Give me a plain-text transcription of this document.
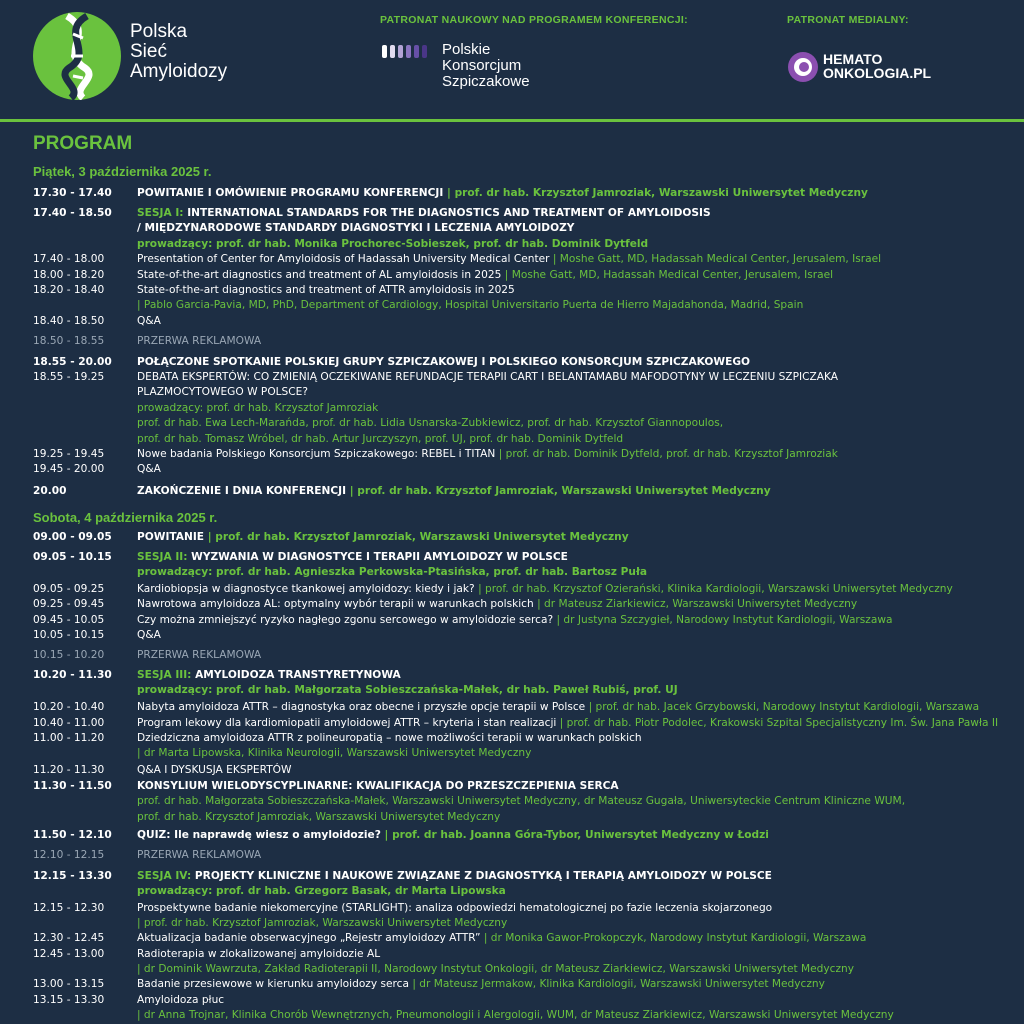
Polska
Sieć
Amyloidozy
PATRONAT NAUKOWY NAD PROGRAMEM KONFERENCJI:
Polskie
Konsorcjum
Szpiczakowe
PATRONAT MEDIALNY:
HEMATO
ONKOLOGIA.PL
PROGRAM
Piątek, 3 października 2025 r.
Sobota, 4 października 2025 r.
17.30 - 17.40	POWITANIE I OMÓWIENIE PROGRAMU KONFERENCJI | prof. dr hab. Krzysztof Jamroziak, Warszawski Uniwersytet Medyczny
17.40 - 18.50	SESJA I: INTERNATIONAL STANDARDS FOR THE DIAGNOSTICS AND TREATMENT OF AMYLOIDOSIS
/ MIĘDZYNARODOWE STANDARDY DIAGNOSTYKI I LECZENIA AMYLOIDOZY
prowadzący: prof. dr hab. Monika Prochorec-Sobieszek, prof. dr hab. Dominik Dytfeld
17.40 - 18.00	Presentation of Center for Amyloidosis of Hadassah University Medical Center | Moshe Gatt, MD, Hadassah Medical Center, Jerusalem, Israel
18.00 - 18.20	State-of-the-art diagnostics and treatment of AL amyloidosis in 2025 | Moshe Gatt, MD, Hadassah Medical Center, Jerusalem, Israel
18.20 - 18.40	State-of-the-art diagnostics and treatment of ATTR amyloidosis in 2025
| Pablo Garcia-Pavia, MD, PhD, Department of Cardiology, Hospital Universitario Puerta de Hierro Majadahonda, Madrid, Spain
18.40 - 18.50	Q&A
18.50 - 18.55	PRZERWA REKLAMOWA
18.55 - 20.00	POŁĄCZONE SPOTKANIE POLSKIEJ GRUPY SZPICZAKOWEJ I POLSKIEGO KONSORCJUM SZPICZAKOWEGO
18.55 - 19.25	DEBATA EKSPERTÓW: CO ZMIENIĄ OCZEKIWANE REFUNDACJE TERAPII CART I BELANTAMABU MAFODOTYNY W LECZENIU SZPICZAKA
PLAZMOCYTOWEGO W POLSCE?
prowadzący: prof. dr hab. Krzysztof Jamroziak
prof. dr hab. Ewa Lech-Marańda, prof. dr hab. Lidia Usnarska-Zubkiewicz, prof. dr hab. Krzysztof Giannopoulos,
prof. dr hab. Tomasz Wróbel, dr hab. Artur Jurczyszyn, prof. UJ, prof. dr hab. Dominik Dytfeld
19.25 - 19.45	Nowe badania Polskiego Konsorcjum Szpiczakowego: REBEL i TITAN | prof. dr hab. Dominik Dytfeld, prof. dr hab. Krzysztof Jamroziak
19.45 - 20.00	Q&A
20.00	ZAKOŃCZENIE I DNIA KONFERENCJI | prof. dr hab. Krzysztof Jamroziak, Warszawski Uniwersytet Medyczny
09.00 - 09.05	POWITANIE | prof. dr hab. Krzysztof Jamroziak, Warszawski Uniwersytet Medyczny
09.05 - 10.15	SESJA II: WYZWANIA W DIAGNOSTYCE I TERAPII AMYLOIDOZY W POLSCE
prowadzący: prof. dr hab. Agnieszka Perkowska-Ptasińska, prof. dr hab. Bartosz Puła
09.05 - 09.25	Kardiobiopsja w diagnostyce tkankowej amyloidozy: kiedy i jak? | prof. dr hab. Krzysztof Ozierański, Klinika Kardiologii, Warszawski Uniwersytet Medyczny
09.25 - 09.45	Nawrotowa amyloidoza AL: optymalny wybór terapii w warunkach polskich | dr Mateusz Ziarkiewicz, Warszawski Uniwersytet Medyczny
09.45 - 10.05	Czy można zmniejszyć ryzyko nagłego zgonu sercowego w amyloidozie serca? | dr Justyna Szczygieł, Narodowy Instytut Kardiologii, Warszawa
10.05 - 10.15	Q&A
10.15 - 10.20	PRZERWA REKLAMOWA
10.20 - 11.30	SESJA III: AMYLOIDOZA TRANSTYRETYNOWA
prowadzący: prof. dr hab. Małgorzata Sobieszczańska-Małek, dr hab. Paweł Rubiś, prof. UJ
10.20 - 10.40	Nabyta amyloidoza ATTR – diagnostyka oraz obecne i przyszłe opcje terapii w Polsce | prof. dr hab. Jacek Grzybowski, Narodowy Instytut Kardiologii, Warszawa
10.40 - 11.00	Program lekowy dla kardiomiopatii amyloidowej ATTR – kryteria i stan realizacji | prof. dr hab. Piotr Podolec, Krakowski Szpital Specjalistyczny Im. Św. Jana Pawła II
11.00 - 11.20	Dziedziczna amyloidoza ATTR z polineuropatią – nowe możliwości terapii w warunkach polskich
| dr Marta Lipowska, Klinika Neurologii, Warszawski Uniwersytet Medyczny
11.20 - 11.30	Q&A I DYSKUSJA EKSPERTÓW
11.30 - 11.50	KONSYLIUM WIELODYSCYPLINARNE: KWALIFIKACJA DO PRZESZCZEPIENIA SERCA
prof. dr hab. Małgorzata Sobieszczańska-Małek, Warszawski Uniwersytet Medyczny, dr Mateusz Gugała, Uniwersyteckie Centrum Kliniczne WUM,
prof. dr hab. Krzysztof Jamroziak, Warszawski Uniwersytet Medyczny
11.50 - 12.10	QUIZ: Ile naprawdę wiesz o amyloidozie? | prof. dr hab. Joanna Góra-Tybor, Uniwersytet Medyczny w Łodzi
12.10 - 12.15	PRZERWA REKLAMOWA
12.15 - 13.30	SESJA IV: PROJEKTY KLINICZNE I NAUKOWE ZWIĄZANE Z DIAGNOSTYKĄ I TERAPIĄ AMYLOIDOZY W POLSCE
prowadzący: prof. dr hab. Grzegorz Basak, dr Marta Lipowska
12.15 - 12.30	Prospektywne badanie niekomercyjne (STARLIGHT): analiza odpowiedzi hematologicznej po fazie leczenia skojarzonego
| prof. dr hab. Krzysztof Jamroziak, Warszawski Uniwersytet Medyczny
12.30 - 12.45	Aktualizacja badanie obserwacyjnego „Rejestr amyloidozy ATTR” | dr Monika Gawor-Prokopczyk, Narodowy Instytut Kardiologii, Warszawa
12.45 - 13.00	Radioterapia w zlokalizowanej amyloidozie AL
| dr Dominik Wawrzuta, Zakład Radioterapii II, Narodowy Instytut Onkologii, dr Mateusz Ziarkiewicz, Warszawski Uniwersytet Medyczny
13.00 - 13.15	Badanie przesiewowe w kierunku amyloidozy serca | dr Mateusz Jermakow, Klinika Kardiologii, Warszawski Uniwersytet Medyczny
13.15 - 13.30	Amyloidoza płuc
| dr Anna Trojnar, Klinika Chorób Wewnętrznych, Pneumonologii i Alergologii, WUM, dr Mateusz Ziarkiewicz, Warszawski Uniwersytet Medyczny
